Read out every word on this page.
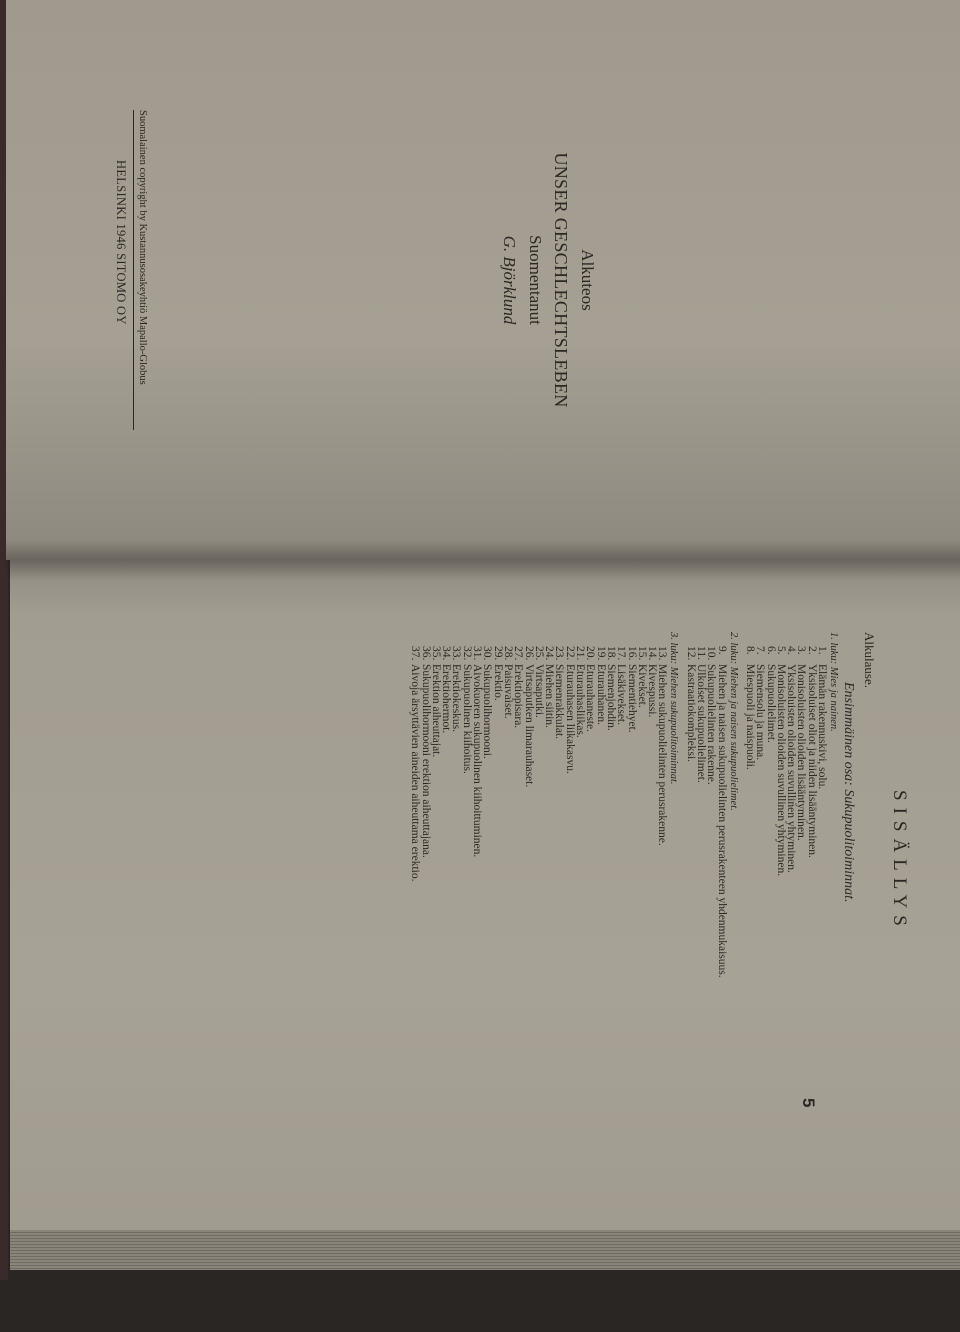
Alkuteos
UNSER GESCHLECHTSLEBEN
Suomentanut
G. Björklund
Suomalainen copyright by Kustannusosakeyhtiö Mapallo-Globus
HELSINKI 1946 SITOMO OY
SISÄLLYS
Alkulause.
Ensimmäinen osa: Sukupuolitoiminnat.
1. luku: Mies ja nainen.
1.Elämän rakennuskivi, solu.
2.Yksisoluiset oliot ja niiden lisääntyminen.
3.Monisoluisten olioiden lisääntyminen.
4.Yksisoluisten olioiden suvullinen yhtyminen.
5.Monisoluisten olioiden suvullinen yhtyminen.
6.Sukupuolielimet.
7.Siemensolu ja muna.
8.Miespuoli ja naispuoli.
2. luku: Miehen ja naisen sukupuolielimet.
9.Miehen ja naisen sukupuolielinten perusrakenteen yhdenmukaisuus.
10.Sukupuolielinten rakenne.
11.Ulkoiset sukupuolielimet.
12.Kastraatiokompleksi.
3. luku: Miehen sukupuolitoiminnat.
13.Miehen sukupuolielinten perusrakenne.
14.Kivespussi.
15.Kivekset.
16.Siementiehyet.
17.Lisäkivekset.
18.Siemenjohdin.
19.Eturauhanen.
20.Eturauhaneste.
21.Eturauhasliikas.
22.Eturauhasen liikakasvu.
23.Siemenrakkulat.
24.Miehen siitin.
25.Virtsaputki.
26.Virtsaputken limarauhaset.
27.Erektiopisara.
28.Paisuvaiset.
29.Erektio.
30.Sukupuolihormooni.
31.Aivokuoren sukupuolinen kiihoittuminen.
32.Sukupuolinen kiihoitus.
33.Erektiokeskus.
34.Erektiohermot.
35.Erektion aiheuttajat.
36.Sukupuolihormooni erektion aiheuttajana.
37.Aivoja ärsyttävien aineiden aiheuttama erektio.
5
